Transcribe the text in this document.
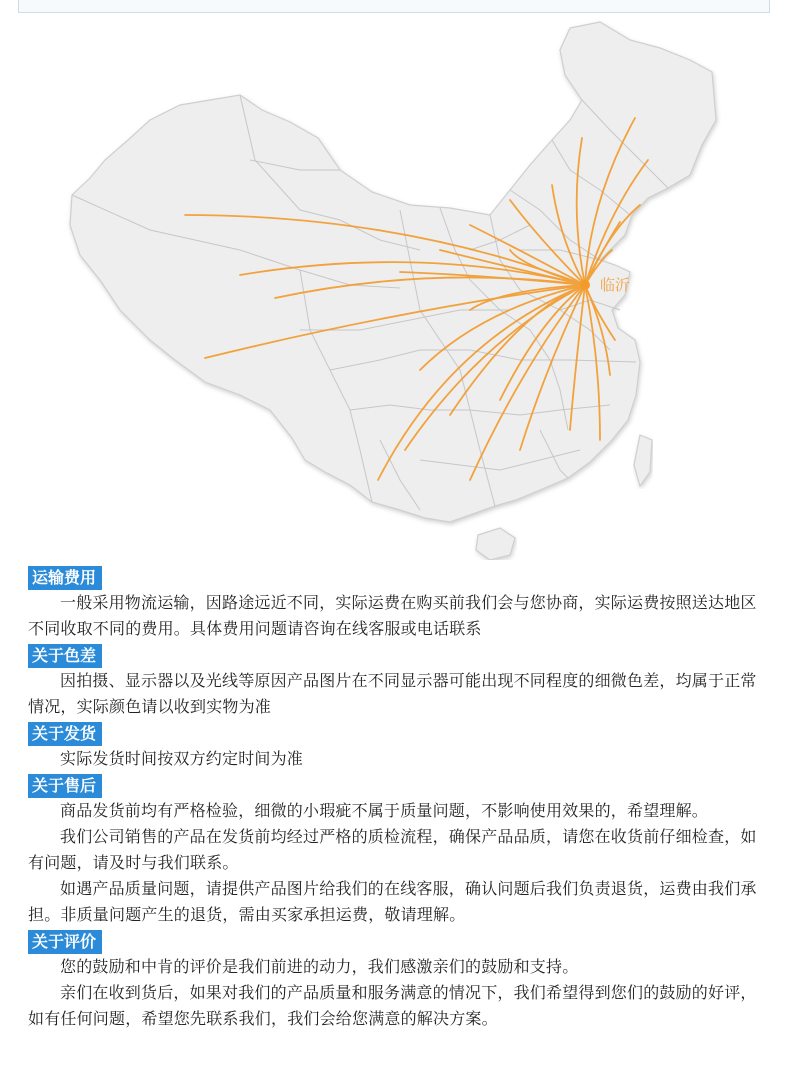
临沂
运输费用

一般采用物流运输，因路途远近不同，实际运费在购买前我们会与您协商，实际运费按照送达地区不同收取不同的费用。具体费用问题请咨询在线客服或电话联系

关于色差

因拍摄、显示器以及光线等原因产品图片在不同显示器可能出现不同程度的细微色差，均属于正常情况，实际颜色请以收到实物为准

关于发货

实际发货时间按双方约定时间为准

关于售后

商品发货前均有严格检验，细微的小瑕疵不属于质量问题，不影响使用效果的，希望理解。

我们公司销售的产品在发货前均经过严格的质检流程，确保产品品质，请您在收货前仔细检查，如有问题，请及时与我们联系。

如遇产品质量问题，请提供产品图片给我们的在线客服，确认问题后我们负责退货，运费由我们承担。非质量问题产生的退货，需由买家承担运费，敬请理解。

关于评价

您的鼓励和中肯的评价是我们前进的动力，我们感激亲们的鼓励和支持。

亲们在收到货后，如果对我们的产品质量和服务满意的情况下，我们希望得到您们的鼓励的好评，如有任何问题，希望您先联系我们，我们会给您满意的解决方案。
